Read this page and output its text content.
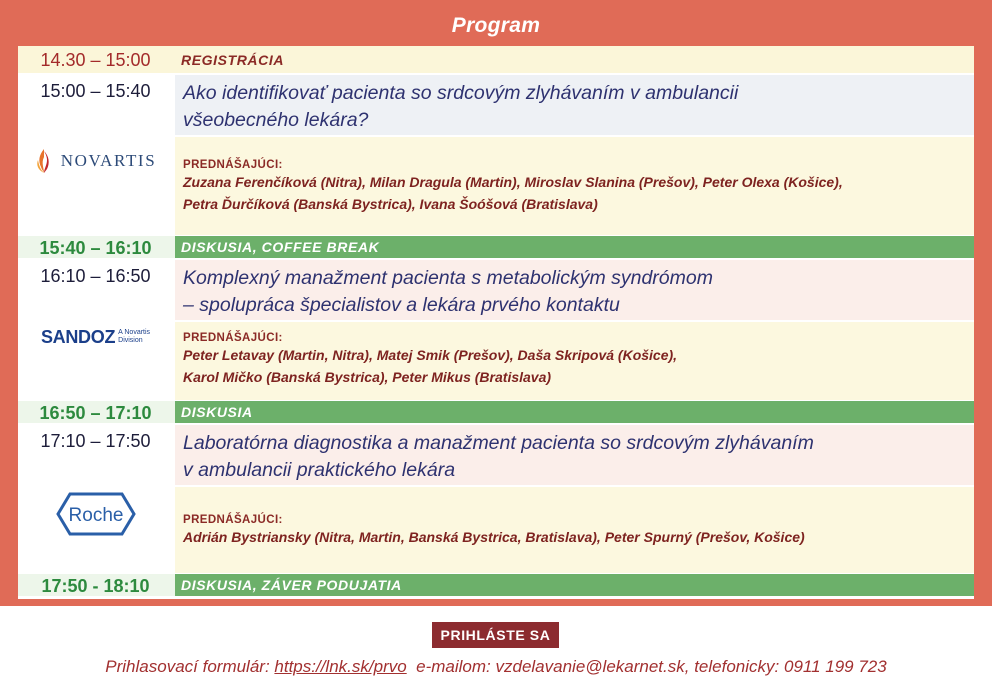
Program
14.30 – 15:00	REGISTRÁCIA
15:00 – 15:40	Ako identifikovať pacienta so srdcovým zlyhávaním v ambulancii
všeobecného lekára?
NOVARTIS PREDNÁŠAJÚCI:
Zuzana Ferenčíková (Nitra), Milan Dragula (Martin), Miroslav Slanina (Prešov), Peter Olexa (Košice),
Petra Ďurčíková (Banská Bystrica), Ivana Šoóšová (Bratislava)
15:40 – 16:10	DISKUSIA, COFFEE BREAK
16:10 – 16:50	Komplexný manažment pacienta s metabolickým syndrómom
– spolupráca špecialistov a lekára prvého kontaktu
SANDOZ A Novartis
Division	PREDNÁŠAJÚCI:
Peter Letavay (Martin, Nitra), Matej Smik (Prešov), Daša Skripová (Košice),
Karol Mičko (Banská Bystrica), Peter Mikus (Bratislava)
16:50 – 17:10	DISKUSIA
17:10 – 17:50	Laboratórna diagnostika a manažment pacienta so srdcovým zlyhávaním
v ambulancii praktického lekára
Roche	PREDNÁŠAJÚCI:
Adrián Bystriansky (Nitra, Martin, Banská Bystrica, Bratislava), Peter Spurný (Prešov, Košice)
17:50 - 18:10	DISKUSIA, ZÁVER PODUJATIA
PRIHLÁSTE SA
Prihlasovací formulár: https://lnk.sk/prvo e-mailom: vzdelavanie@lekarnet.sk, telefonicky: 0911 199 723
